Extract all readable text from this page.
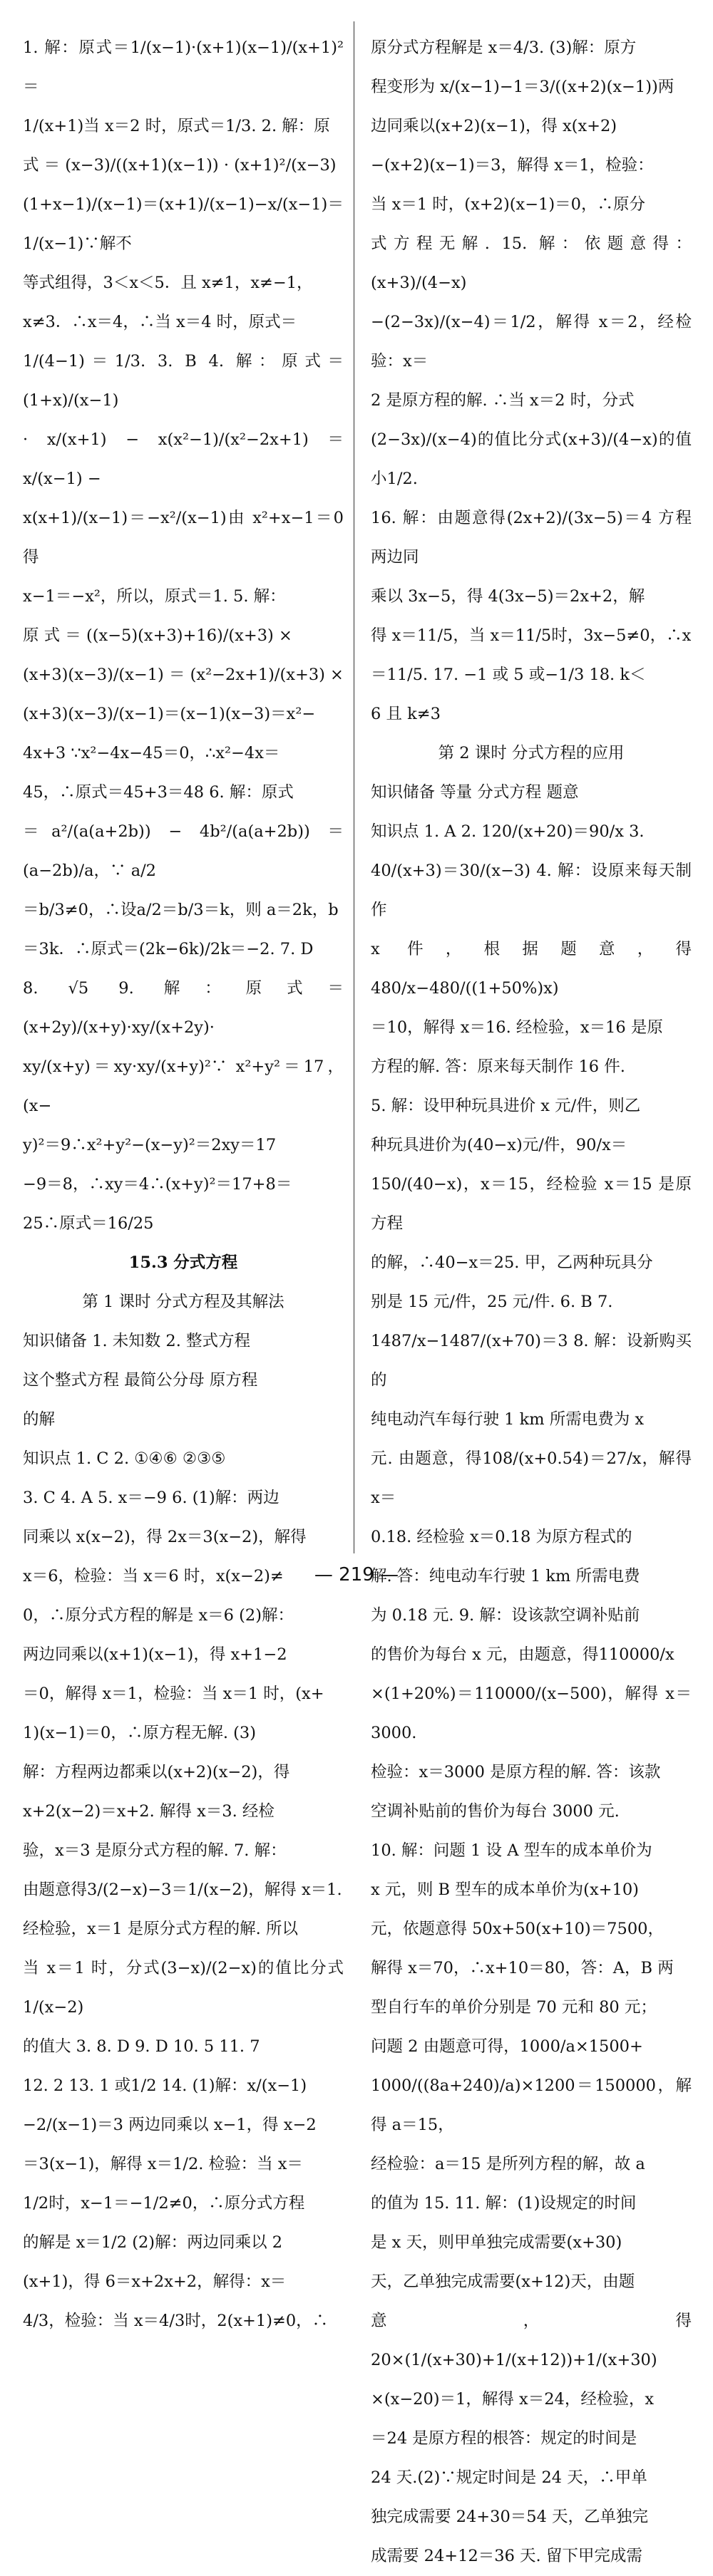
1. 解：原式＝1/(x−1)·(x+1)(x−1)/(x+1)²＝
1/(x+1)当 x＝2 时，原式＝1/3. 2. 解：原
式 ＝ (x−3)/((x+1)(x−1)) · (x+1)²/(x−3)
(1+x−1)/(x−1)＝(x+1)/(x−1)−x/(x−1)＝1/(x−1)∵解不
等式组得，3＜x＜5．且 x≠1，x≠−1，
x≠3．∴x＝4，∴当 x＝4 时，原式＝
1/(4−1)＝1/3. 3. B 4. 解：原式＝(1+x)/(x−1)
· x/(x+1) − x(x²−1)/(x²−2x+1) ＝ x/(x−1) −
x(x+1)/(x−1)＝−x²/(x−1)由 x²+x−1＝0 得
x−1＝−x²，所以，原式＝1. 5. 解：
原 式 ＝ ((x−5)(x+3)+16)/(x+3) ×
(x+3)(x−3)/(x−1) ＝ (x²−2x+1)/(x+3) ×
(x+3)(x−3)/(x−1)＝(x−1)(x−3)＝x²−
4x+3 ∵x²−4x−45＝0，∴x²−4x＝
45，∴原式＝45+3＝48 6. 解：原式
＝a²/(a(a+2b)) − 4b²/(a(a+2b)) ＝ (a−2b)/a，∵ a/2
＝b/3≠0，∴设a/2＝b/3＝k，则 a＝2k，b
＝3k．∴原式＝(2k−6k)/2k＝−2. 7. D
8. √5 9. 解：原式＝(x+2y)/(x+y)·xy/(x+2y)·
xy/(x+y)＝xy·xy/(x+y)²∵ x²+y²＝17，(x−
y)²＝9∴x²+y²−(x−y)²＝2xy＝17
−9＝8，∴xy＝4∴(x+y)²＝17+8＝
25∴原式＝16/25
15.3 分式方程
第 1 课时 分式方程及其解法
知识储备 1. 未知数 2. 整式方程
这个整式方程 最简公分母 原方程
的解
知识点 1. C 2. ①④⑥ ②③⑤
3. C 4. A 5. x＝−9 6. (1)解：两边
同乘以 x(x−2)，得 2x＝3(x−2)，解得
x＝6，检验：当 x＝6 时，x(x−2)≠
0，∴原分式方程的解是 x＝6 (2)解：
两边同乘以(x+1)(x−1)，得 x+1−2
＝0，解得 x＝1，检验：当 x＝1 时，(x+
1)(x−1)＝0，∴原方程无解. (3)
解：方程两边都乘以(x+2)(x−2)，得
x+2(x−2)＝x+2. 解得 x＝3. 经检
验，x＝3 是原分式方程的解. 7. 解：
由题意得3/(2−x)−3＝1/(x−2)，解得 x＝1.
经检验，x＝1 是原分式方程的解. 所以
当 x＝1 时，分式(3−x)/(2−x)的值比分式1/(x−2)
的值大 3. 8. D 9. D 10. 5 11. 7
12. 2 13. 1 或1/2 14. (1)解：x/(x−1)
−2/(x−1)＝3 两边同乘以 x−1，得 x−2
＝3(x−1)，解得 x＝1/2. 检验：当 x＝
1/2时，x−1＝−1/2≠0，∴原分式方程
的解是 x＝1/2 (2)解：两边同乘以 2
(x+1)，得 6＝x+2x+2，解得：x＝
4/3，检验：当 x＝4/3时，2(x+1)≠0，∴
原分式方程解是 x＝4/3. (3)解：原方
程变形为 x/(x−1)−1＝3/((x+2)(x−1))两
边同乘以(x+2)(x−1)，得 x(x+2)
−(x+2)(x−1)＝3，解得 x＝1，检验：
当 x＝1 时，(x+2)(x−1)＝0，∴原分
式方程无解. 15. 解：依题意得：(x+3)/(4−x)
−(2−3x)/(x−4)＝1/2，解得 x＝2，经检验：x＝
2 是原方程的解. ∴当 x＝2 时，分式
(2−3x)/(x−4)的值比分式(x+3)/(4−x)的值小1/2.
16. 解：由题意得(2x+2)/(3x−5)＝4 方程两边同
乘以 3x−5，得 4(3x−5)＝2x+2，解
得 x＝11/5，当 x＝11/5时，3x−5≠0，∴x
＝11/5. 17. −1 或 5 或−1/3 18. k＜
6 且 k≠3
第 2 课时 分式方程的应用
知识储备 等量 分式方程 题意
知识点 1. A 2. 120/(x+20)＝90/x 3.
40/(x+3)＝30/(x−3) 4. 解：设原来每天制作
x 件，根据题意，得480/x−480/((1+50%)x)
＝10，解得 x＝16. 经检验，x＝16 是原
方程的解. 答：原来每天制作 16 件.
5. 解：设甲种玩具进价 x 元/件，则乙
种玩具进价为(40−x)元/件，90/x＝
150/(40−x)，x＝15，经检验 x＝15 是原方程
的解，∴40−x＝25. 甲，乙两种玩具分
别是 15 元/件，25 元/件. 6. B 7.
1487/x−1487/(x+70)＝3 8. 解：设新购买的
纯电动汽车每行驶 1 km 所需电费为 x
元. 由题意，得108/(x+0.54)＝27/x，解得 x＝
0.18. 经检验 x＝0.18 为原方程式的
解. 答：纯电动车行驶 1 km 所需电费
为 0.18 元. 9. 解：设该款空调补贴前
的售价为每台 x 元，由题意，得110000/x
×(1+20%)＝110000/(x−500)，解得 x＝3000.
检验：x＝3000 是原方程的解. 答：该款
空调补贴前的售价为每台 3000 元.
10. 解：问题 1 设 A 型车的成本单价为
x 元，则 B 型车的成本单价为(x+10)
元，依题意得 50x+50(x+10)＝7500，
解得 x＝70，∴x+10＝80，答：A，B 两
型自行车的单价分别是 70 元和 80 元；
问题 2 由题意可得，1000/a×1500+
1000/((8a+240)/a)×1200＝150000，解得 a＝15，
经检验：a＝15 是所列方程的解，故 a
的值为 15. 11. 解：(1)设规定的时间
是 x 天，则甲单独完成需要(x+30)
天，乙单独完成需要(x+12)天，由题
意，得 20×(1/(x+30)+1/(x+12))+1/(x+30)
×(x−20)＝1，解得 x＝24，经检验，x
＝24 是原方程的根答：规定的时间是
24 天.(2)∵规定时间是 24 天，∴甲单
独完成需要 24+30＝54 天，乙单独完
成需要 24+12＝36 天. 留下甲完成需
— 219 —
